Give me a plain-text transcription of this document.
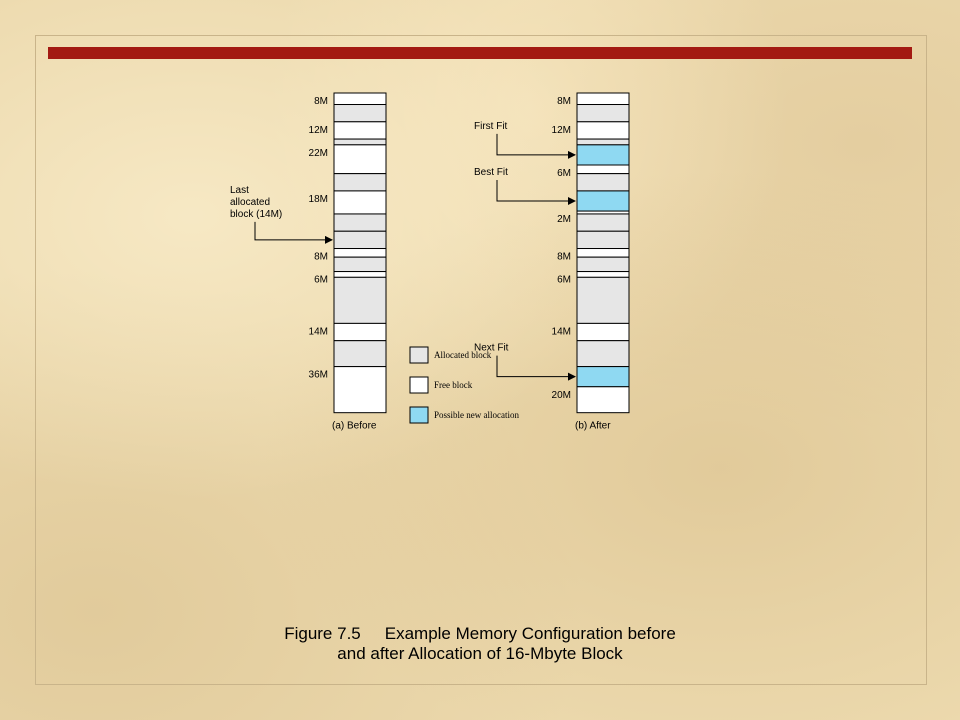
8M
12M
22M
18M
8M
6M
14M
36M
(a) Before
8M
12M
6M
2M
8M
6M
14M
20M
(b) After
Last
allocated
block (14M)
First Fit
Best Fit
Next Fit
Allocated block
Free block
Possible new allocation
Figure 7.5 Example Memory Configuration before
and after Allocation of 16-Mbyte Block
